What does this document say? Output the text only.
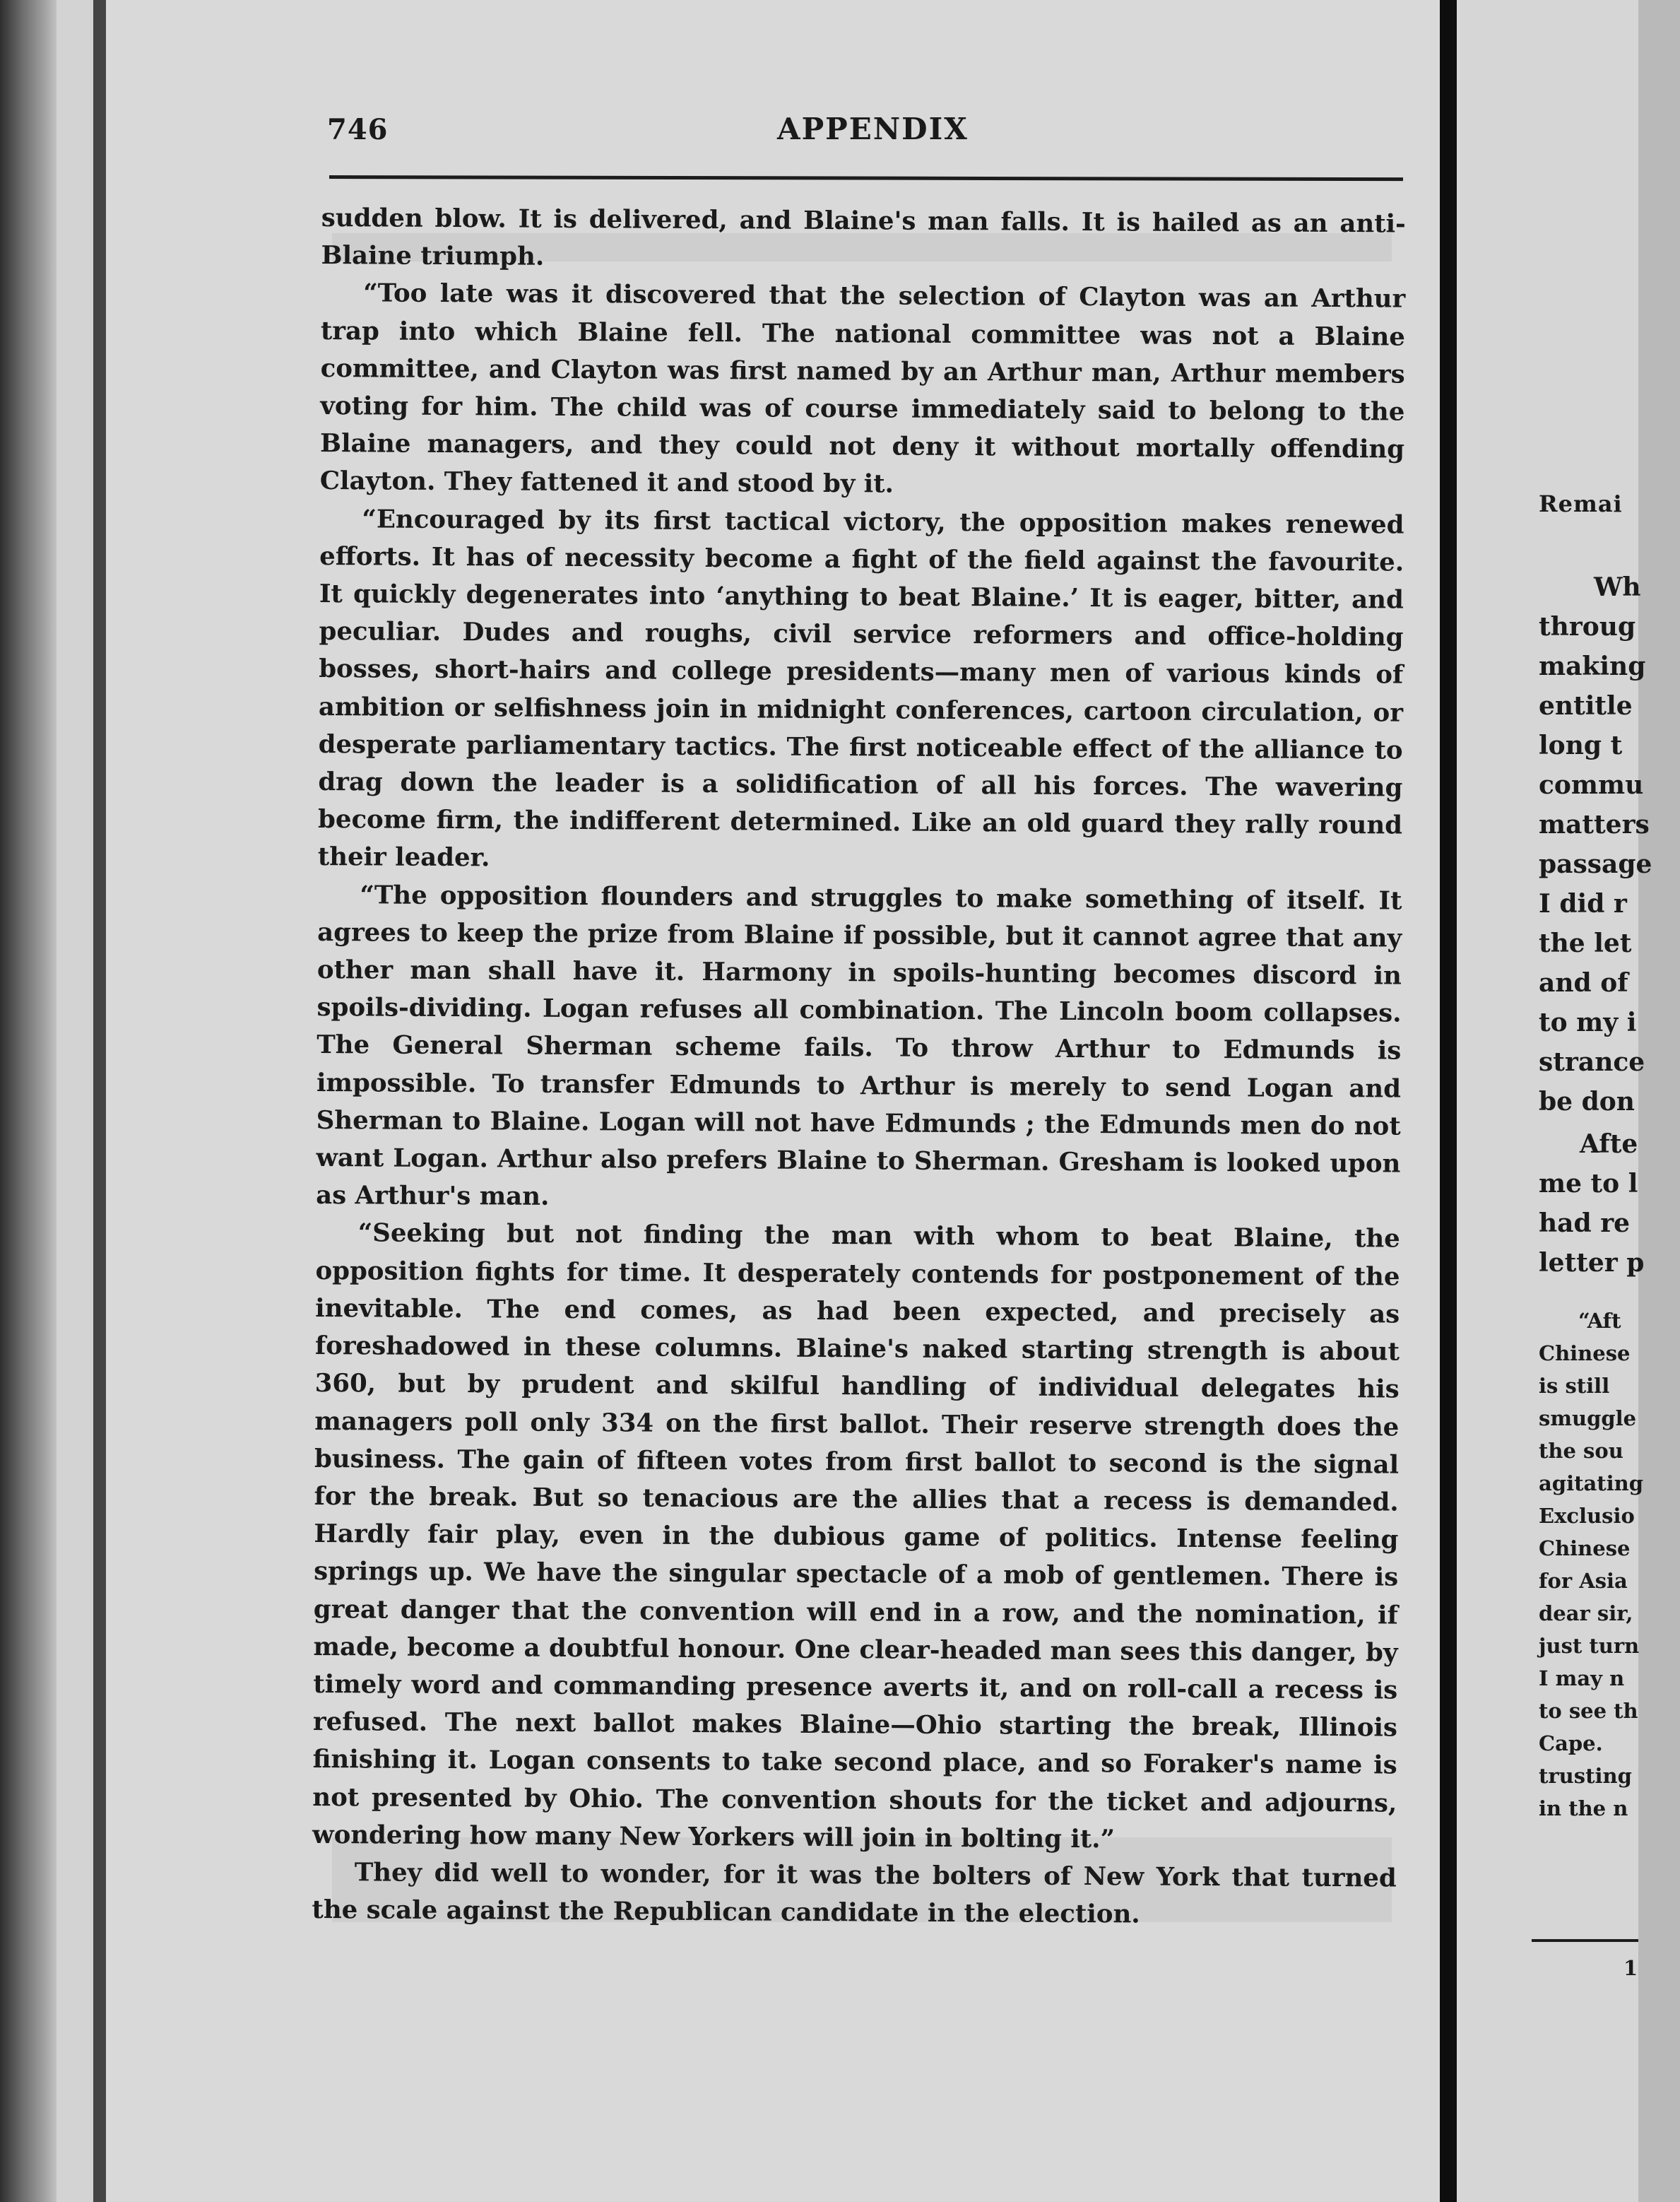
746	APPENDIX

sudden blow. It is delivered, and Blaine's man falls. It is hailed as an anti-Blaine triumph.

“Too late was it discovered that the selection of Clayton was an Arthur trap into which Blaine fell. The national committee was not a Blaine committee, and Clayton was first named by an Arthur man, Arthur members voting for him. The child was of course immediately said to belong to the Blaine managers, and they could not deny it without mortally offending Clayton. They fattened it and stood by it.

“Encouraged by its first tactical victory, the opposition makes renewed efforts. It has of necessity become a fight of the field against the favourite. It quickly degenerates into ‘anything to beat Blaine.’ It is eager, bitter, and peculiar. Dudes and roughs, civil service reformers and office-holding bosses, short-hairs and college presidents—many men of various kinds of ambition or selfishness join in midnight conferences, cartoon circulation, or desperate parliamentary tactics. The first noticeable effect of the alliance to drag down the leader is a solidification of all his forces. The wavering become firm, the indifferent determined. Like an old guard they rally round their leader.

“The opposition flounders and struggles to make something of itself. It agrees to keep the prize from Blaine if possible, but it cannot agree that any other man shall have it. Harmony in spoils-hunting becomes discord in spoils-dividing. Logan refuses all combination. The Lincoln boom collapses. The General Sherman scheme fails. To throw Arthur to Edmunds is impossible. To transfer Edmunds to Arthur is merely to send Logan and Sherman to Blaine. Logan will not have Edmunds ; the Edmunds men do not want Logan. Arthur also prefers Blaine to Sherman. Gresham is looked upon as Arthur's man.

“Seeking but not finding the man with whom to beat Blaine, the opposition fights for time. It desperately contends for postponement of the inevitable. The end comes, as had been expected, and precisely as foreshadowed in these columns. Blaine's naked starting strength is about 360, but by prudent and skilful handling of individual delegates his managers poll only 334 on the first ballot. Their reserve strength does the business. The gain of fifteen votes from first ballot to second is the signal for the break. But so tenacious are the allies that a recess is demanded. Hardly fair play, even in the dubious game of politics. Intense feeling springs up. We have the singular spectacle of a mob of gentlemen. There is great danger that the convention will end in a row, and the nomination, if made, become a doubtful honour. One clear-headed man sees this danger, by timely word and commanding presence averts it, and on roll-call a recess is refused. The next ballot makes Blaine—Ohio starting the break, Illinois finishing it. Logan consents to take second place, and so Foraker's name is not presented by Ohio. The convention shouts for the ticket and adjourns, wondering how many New Yorkers will join in bolting it.”

They did well to wonder, for it was the bolters of New York that turned the scale against the Republican candidate in the election.

Remai
Wh
throug
making
entitle
long t
commu
matters
passage
I did r
the let
and of
to my i
strance
be don
Afte
me to l
had re
letter p
“Aft
Chinese
is still
smuggle
the sou
agitating
Exclusio
Chinese
for Asia
dear sir,
just turn
I may n
to see th
Cape.
trusting
in the n
1
